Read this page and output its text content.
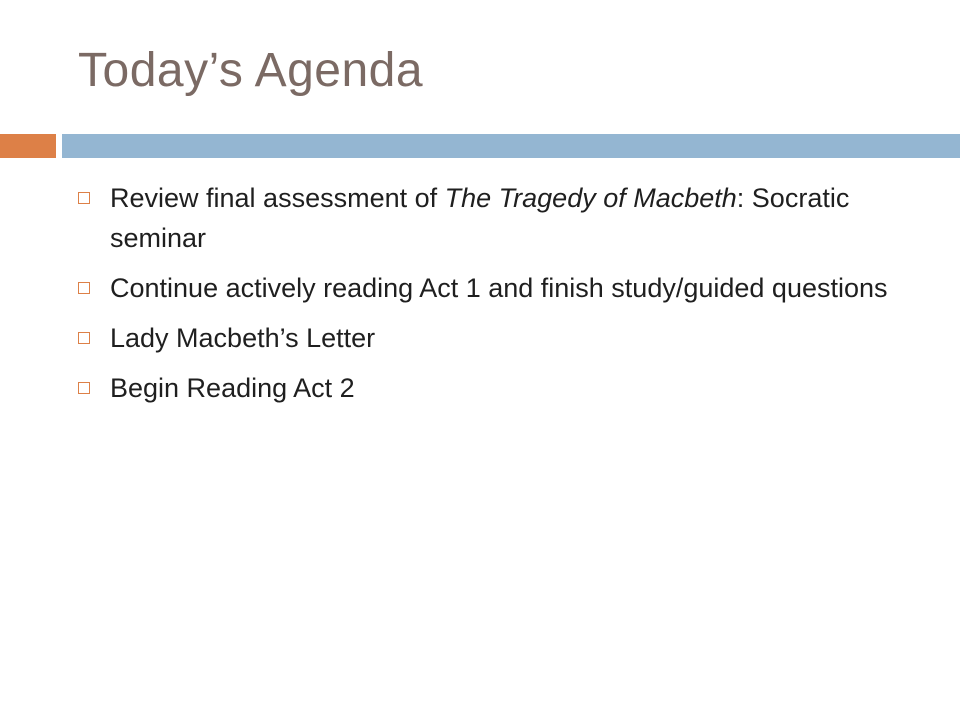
Today’s Agenda
Review final assessment of The Tragedy of Macbeth: Socratic seminar
Continue actively reading Act 1 and finish study/guided questions
Lady Macbeth’s Letter
Begin Reading Act 2
